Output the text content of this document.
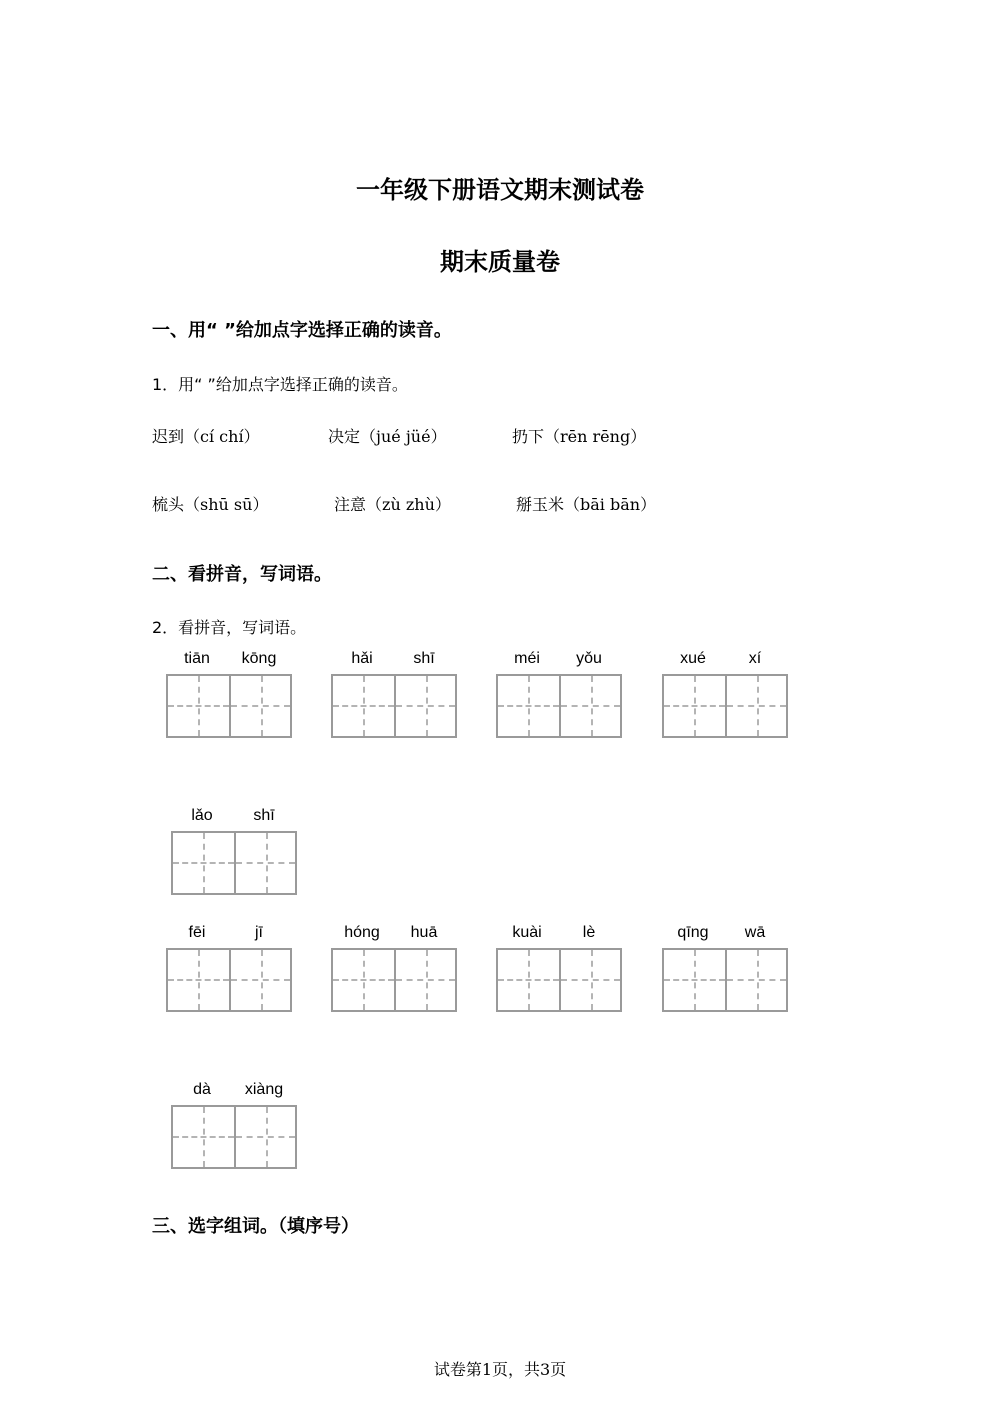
一年级下册语文期末测试卷
期末质量卷
一、用“ ”给加点字选择正确的读音。
1．用“ ”给加点字选择正确的读音。
迟到（cí chí）	决定（jué jüé）	扔下（rēn rēng）
梳头（shū sū）	注意（zù zhù）	掰玉米（bāi bān）
二、看拼音，写词语。
2．看拼音，写词语。
tiān	kōng	hǎi	shī	méi	yǒu	xué	xí
lǎo	shī
fēi	jī	hóng	huā	kuài	lè	qīng	wā
dà	xiàng
三、选字组词。（填序号）
试卷第1页，共3页
